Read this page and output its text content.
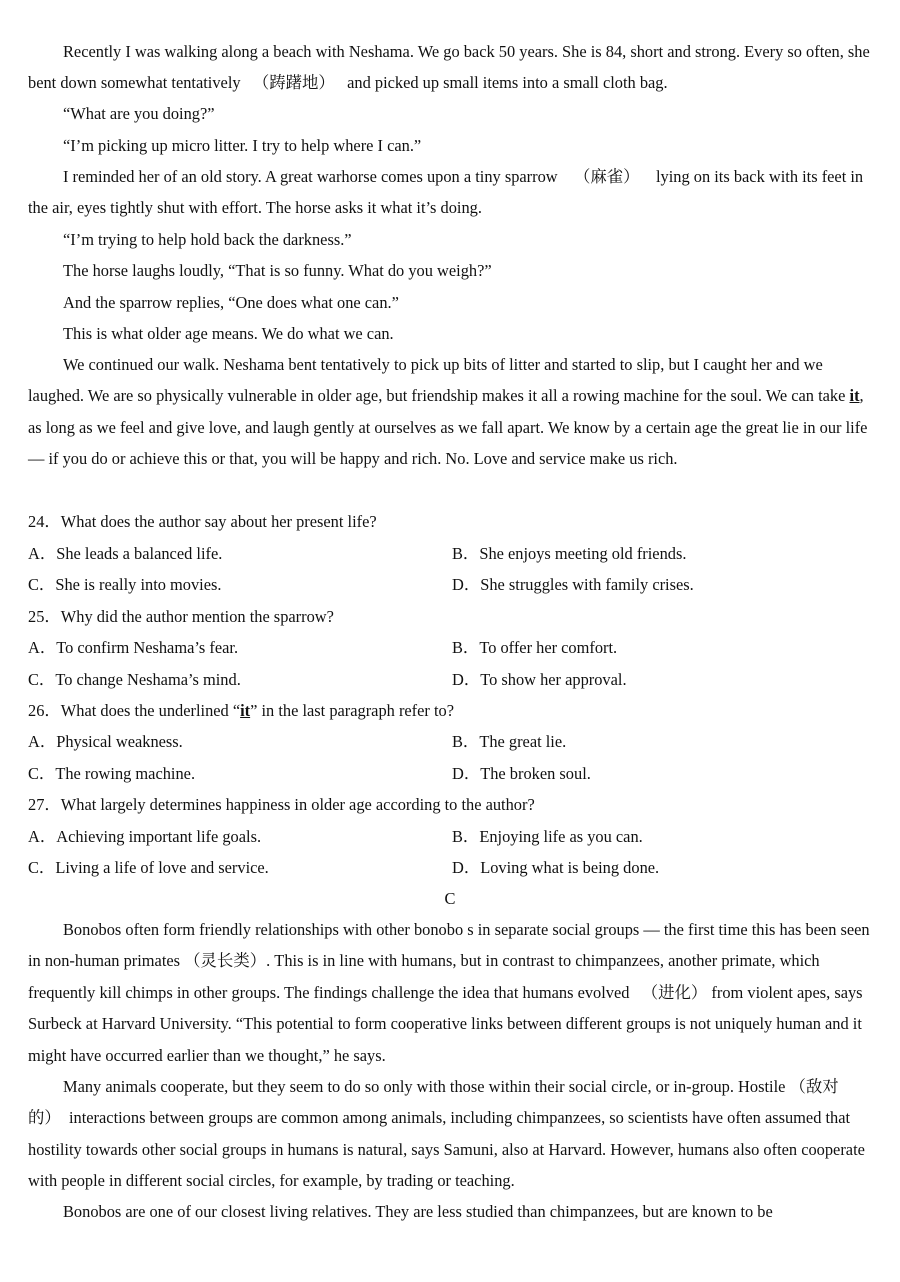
Recently I was walking along a beach with Neshama. We go back 50 years. She is 84, short and strong. Every so often, she bent down somewhat tentatively （踌躇地） and picked up small items into a small cloth bag.

“What are you doing?”
“I’m picking up micro litter. I try to help where I can.”

I reminded her of an old story. A great warhorse comes upon a tiny sparrow （麻雀） lying on its back with its feet in the air, eyes tightly shut with effort. The horse asks it what it’s doing.

“I’m trying to help hold back the darkness.”
The horse laughs loudly, “That is so funny. What do you weigh?”
And the sparrow replies, “One does what one can.”
This is what older age means. We do what we can.

We continued our walk. Neshama bent tentatively to pick up bits of litter and started to slip, but I caught her and we laughed. We are so physically vulnerable in older age, but friendship makes it all a rowing machine for the soul. We can take it, as long as we feel and give love, and laugh gently at ourselves as we fall apart. We know by a certain age the great lie in our life — if you do or achieve this or that, you will be happy and rich. No. Love and service make us rich.

24．What does the author say about her present life?
A．She leads a balanced life.	B．She enjoys meeting old friends.
C．She is really into movies.	D．She struggles with family crises.
25．Why did the author mention the sparrow?
A．To confirm Neshama’s fear.	B．To offer her comfort.
C．To change Neshama’s mind.	D．To show her approval.
26．What does the underlined “it” in the last paragraph refer to?
A．Physical weakness.	B．The great lie.
C．The rowing machine.	D．The broken soul.
27．What largely determines happiness in older age according to the author?
A．Achieving important life goals.	B．Enjoying life as you can.
C．Living a life of love and service.	D．Loving what is being done.
C

Bonobos often form friendly relationships with other bonobo s in separate social groups — the first time this has been seen in non-human primates （灵长类）. This is in line with humans, but in contrast to chimpanzees, another primate, which frequently kill chimps in other groups. The findings challenge the idea that humans evolved （进化） from violent apes, says Surbeck at Harvard University. “This potential to form cooperative links between different groups is not uniquely human and it might have occurred earlier than we thought,” he says.

Many animals cooperate, but they seem to do so only with those within their social circle, or in-group. Hostile （敌对的） interactions between groups are common among animals, including chimpanzees, so scientists have often assumed that hostility towards other social groups in humans is natural, says Samuni, also at Harvard. However, humans also often cooperate with people in different social circles, for example, by trading or teaching.

Bonobos are one of our closest living relatives. They are less studied than chimpanzees, but are known to be
